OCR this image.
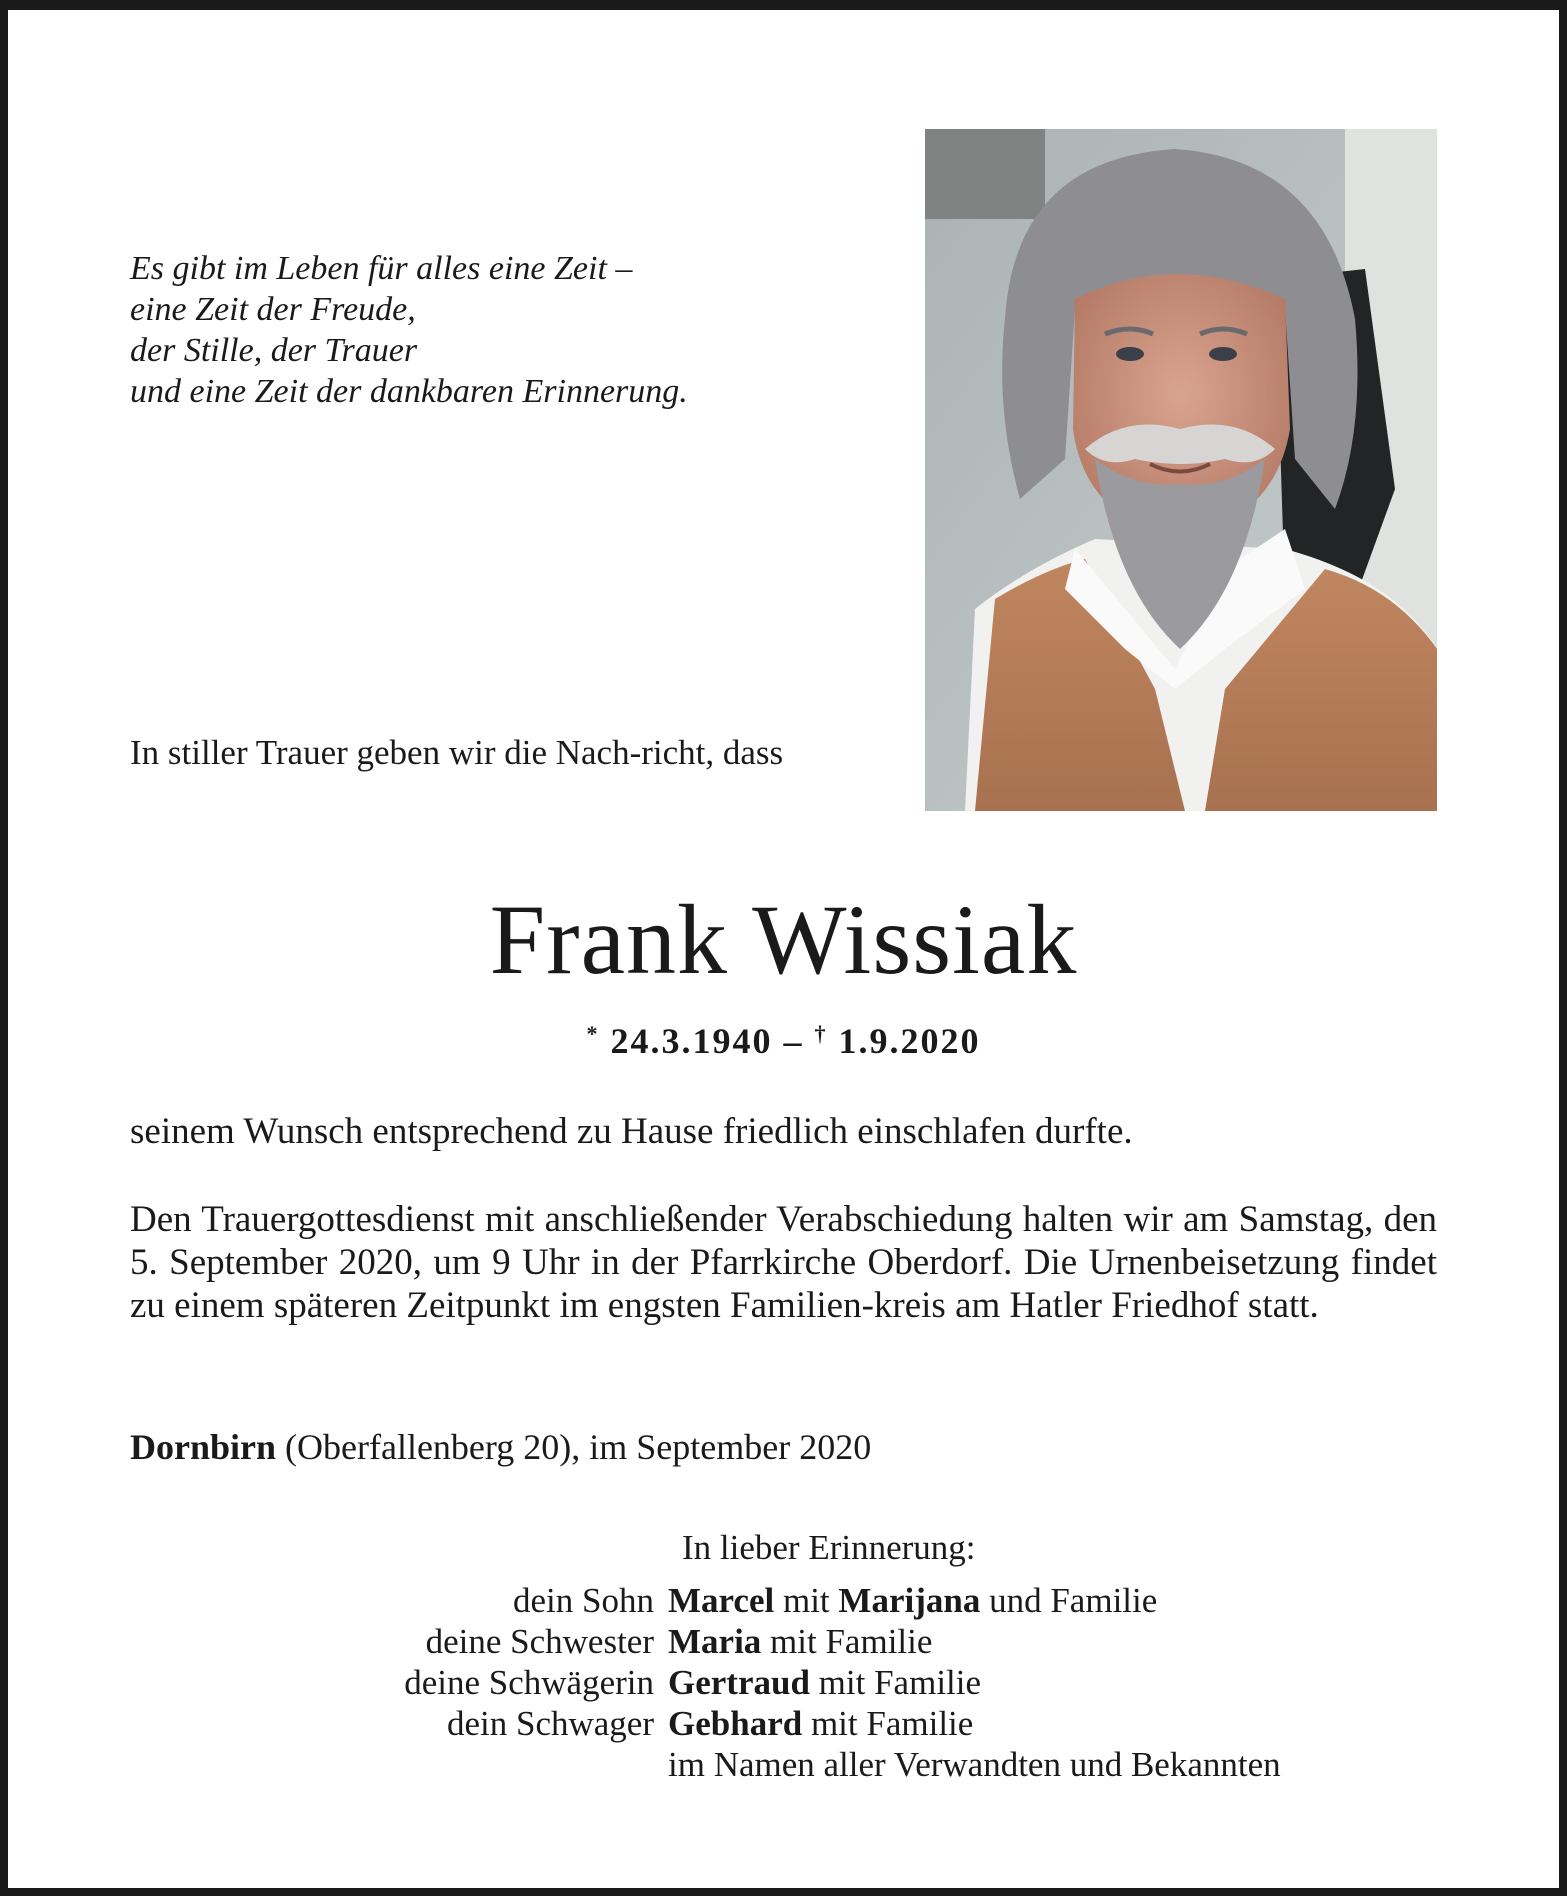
Es gibt im Leben für alles eine Zeit –
eine Zeit der Freude,
der Stille, der Trauer
und eine Zeit der dankbaren Erinnerung.
In stiller Trauer geben wir die Nach-richt, dass
Frank Wissiak
* 24.3.1940 – † 1.9.2020
seinem Wunsch entsprechend zu Hause friedlich einschlafen durfte.
Den Trauergottesdienst mit anschließender Verabschiedung halten wir am Samstag, den 5. September 2020, um 9 Uhr in der Pfarrkirche Oberdorf. Die Urnenbeisetzung findet zu einem späteren Zeitpunkt im engsten Familien-kreis am Hatler Friedhof statt.
Dornbirn (Oberfallenberg 20), im September 2020
In lieber Erinnerung:
dein Sohn Marcel mit Marijana und Familie
deine Schwester Maria mit Familie
deine Schwägerin Gertraud mit Familie
dein Schwager Gebhard mit Familie
im Namen aller Verwandten und Bekannten
